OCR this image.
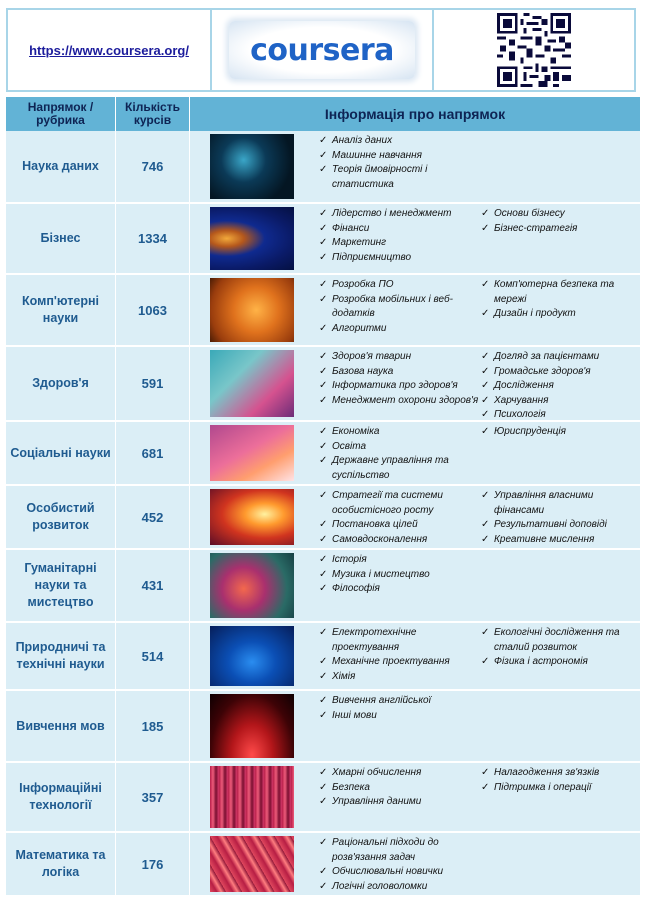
https://www.coursera.org/ coursera
Напрямок / рубрика
Кількість курсів	Інформація про напрямок
Наука даних	746
✓ Аналіз даних
✓ Машинне навчання
✓ Теорія ймовірності і статистика
Бізнес	1334
✓ Лідерство і менеджмент
✓ Фінанси
✓ Маркетинг
✓ Підприємництво
✓ Основи бізнесу
✓ Бізнес-стратегія
Комп'ютерні науки
1063
✓ Розробка ПО
✓ Розробка мобільних і веб-додатків
✓ Алгоритми
✓ Комп'ютерна безпека та мережі
✓ Дизайн і продукт
Здоров'я	591
✓ Здоров'я тварин
✓ Базова наука
✓ Інформатика про здоров'я
✓ Менеджмент охорони здоров'я
✓ Догляд за пацієнтами
✓ Громадське здоров'я
✓ Дослідження
✓ Харчування
✓ Психологія
Соціальні науки	681
✓ Економіка
✓ Освіта
✓ Державне управління та суспільство
✓ Юриспруденція
Особистий розвиток
452
✓ Стратегії та системи особистісного росту
✓ Постановка цілей
✓ Самовдосконалення
✓ Управління власними фінансами
✓ Результативні доповіді
✓ Креативне мислення
Гуманітарні науки та мистецтво
431
✓ Історія
✓ Музика і мистецтво
✓ Філософія
Природничі та технічні науки
514
✓ Електротехнічне проектування
✓ Механічне проектування
✓ Хімія
✓ Екологічні дослідження та сталий розвиток
✓ Фізика і астрономія
Вивчення мов	185
✓ Вивчення англійської
✓ Інші мови
Інформаційні технології
357
✓ Хмарні обчислення
✓ Безпека
✓ Управління даними
✓ Налагодження зв'язків
✓ Підтримка і операції
Математика та логіка
176
✓ Раціональні підходи до розв'язання задач
✓ Обчислювальні новички
✓ Логічні головоломки
